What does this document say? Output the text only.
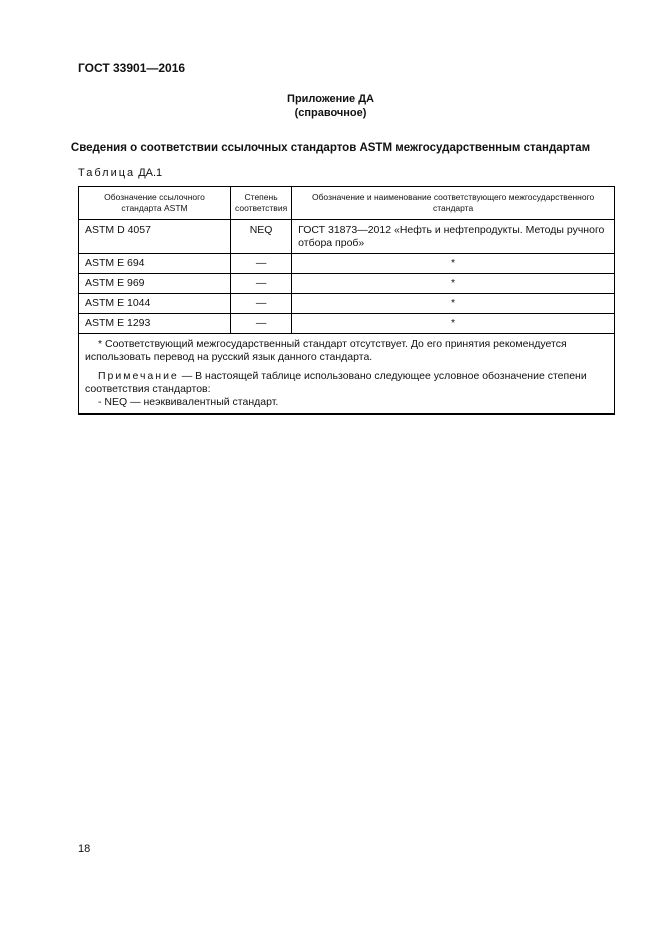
ГОСТ 33901—2016
Приложение ДА
(справочное)
Сведения о соответствии ссылочных стандартов ASTM межгосударственным стандартам
Таблица ДА.1
Обозначение ссылочного стандарта ASTM	Степень соответствия	Обозначение и наименование соответствующего межгосударственного стандарта
ASTM D 4057	NEQ	ГОСТ 31873—2012 «Нефть и нефтепродукты. Методы ручного отбора проб»
ASTM E 694	—	*
ASTM E 969	—	*
ASTM E 1044	—	*
ASTM E 1293	—	*

* Соответствующий межгосударственный стандарт отсутствует. До его принятия рекомендуется использовать перевод на русский язык данного стандарта.
Примечание — В настоящей таблице использовано следующее условное обозначение степени соответствия стандартов:
- NEQ — неэквивалентный стандарт.		
18
